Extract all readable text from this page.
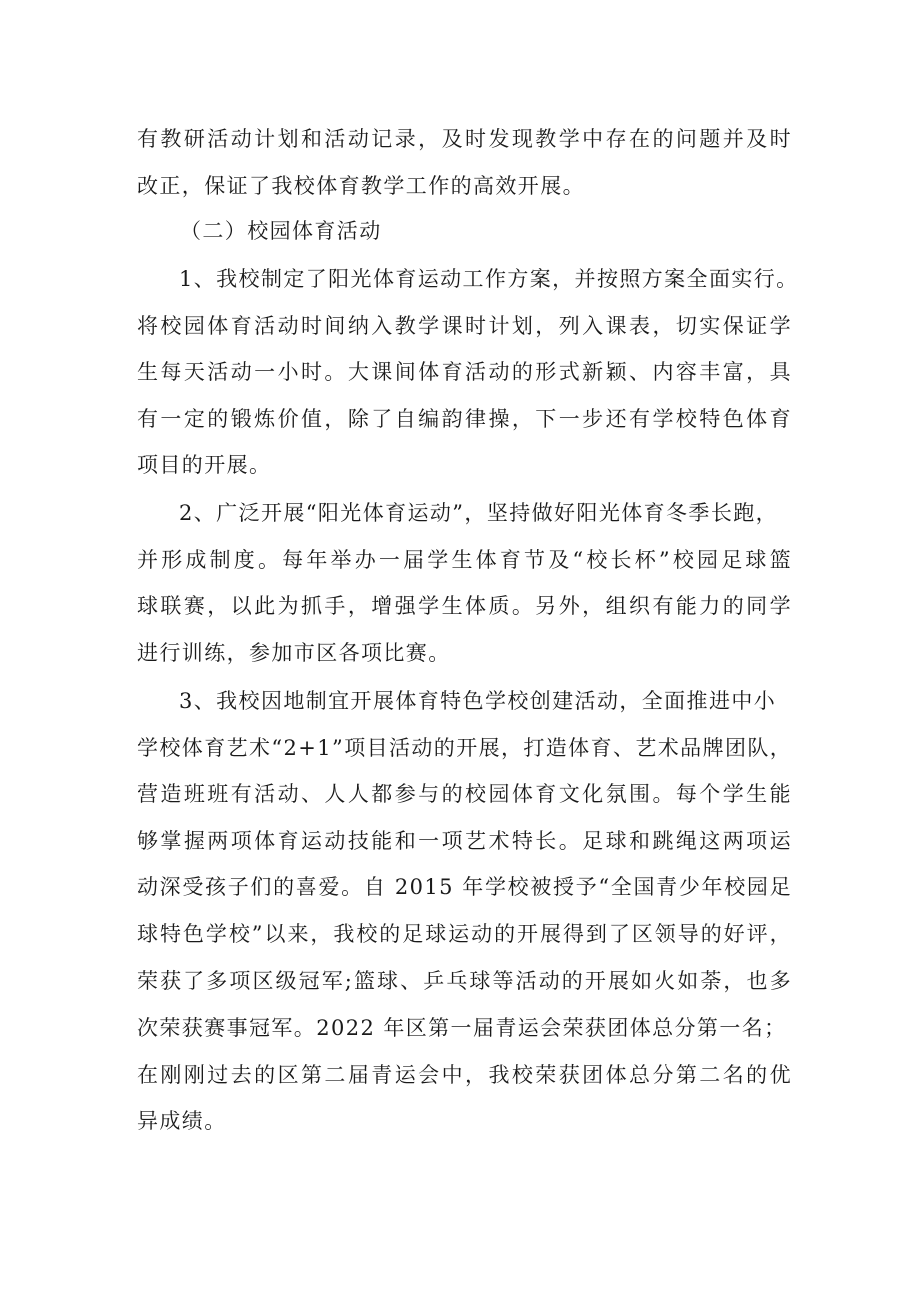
有教研活动计划和活动记录，及时发现教学中存在的问题并及时
改正，保证了我校体育教学工作的高效开展。
（二）校园体育活动
1、我校制定了阳光体育运动工作方案，并按照方案全面实行。
将校园体育活动时间纳入教学课时计划，列入课表，切实保证学
生每天活动一小时。大课间体育活动的形式新颖、内容丰富，具
有一定的锻炼价值，除了自编韵律操，下一步还有学校特色体育
项目的开展。
2、广泛开展“阳光体育运动”，坚持做好阳光体育冬季长跑，
并形成制度。每年举办一届学生体育节及“校长杯”校园足球篮
球联赛，以此为抓手，增强学生体质。另外，组织有能力的同学
进行训练，参加市区各项比赛。
3、我校因地制宜开展体育特色学校创建活动，全面推进中小
学校体育艺术“2+1”项目活动的开展，打造体育、艺术品牌团队，
营造班班有活动、人人都参与的校园体育文化氛围。每个学生能
够掌握两项体育运动技能和一项艺术特长。足球和跳绳这两项运
动深受孩子们的喜爱。自 2015 年学校被授予“全国青少年校园足
球特色学校”以来，我校的足球运动的开展得到了区领导的好评，
荣获了多项区级冠军;篮球、乒乓球等活动的开展如火如荼，也多
次荣获赛事冠军。2022 年区第一届青运会荣获团体总分第一名；
在刚刚过去的区第二届青运会中，我校荣获团体总分第二名的优
异成绩。
